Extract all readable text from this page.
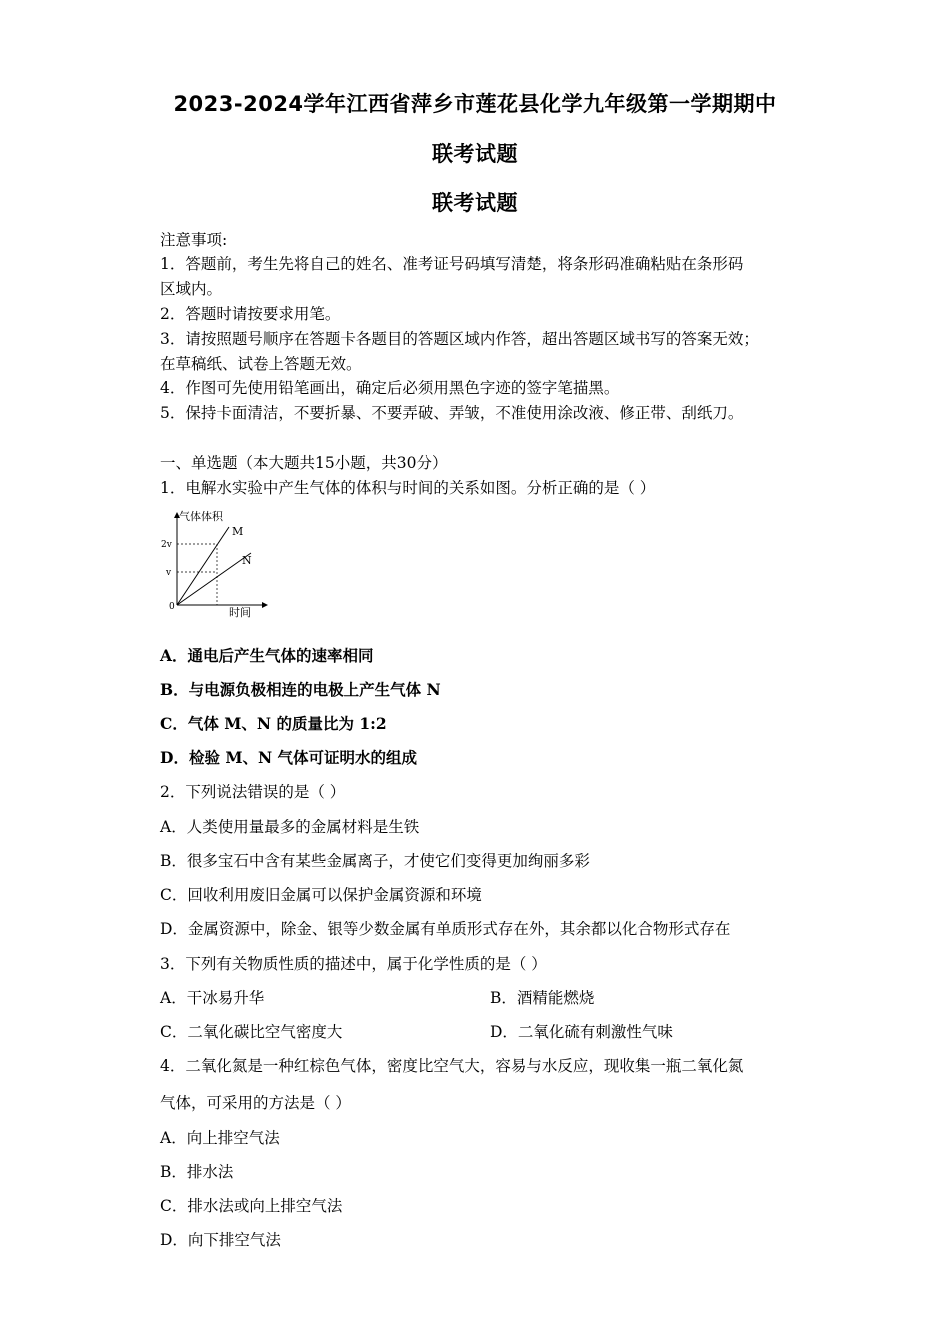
2023-2024学年江西省萍乡市莲花县化学九年级第一学期期中
联考试题
联考试题
注意事项:
1．答题前，考生先将自己的姓名、准考证号码填写清楚，将条形码准确粘贴在条形码
区域内。
2．答题时请按要求用笔。
3．请按照题号顺序在答题卡各题目的答题区域内作答，超出答题区域书写的答案无效；
在草稿纸、试卷上答题无效。
4．作图可先使用铅笔画出，确定后必须用黑色字迹的签字笔描黑。
5．保持卡面清洁，不要折暴、不要弄破、弄皱，不准使用涂改液、修正带、刮纸刀。
一、单选题（本大题共15小题，共30分）
1．电解水实验中产生气体的体积与时间的关系如图。分析正确的是（ ）
气体体积
时间
0
2v
v
M
N
A．通电后产生气体的速率相同
B．与电源负极相连的电极上产生气体 N
C．气体 M、N 的质量比为 1:2
D．检验 M、N 气体可证明水的组成
2．下列说法错误的是（ ）
A．人类使用量最多的金属材料是生铁
B．很多宝石中含有某些金属离子，才使它们变得更加绚丽多彩
C．回收利用废旧金属可以保护金属资源和环境
D．金属资源中，除金、银等少数金属有单质形式存在外，其余都以化合物形式存在
3．下列有关物质性质的描述中，属于化学性质的是（ ）
A．干冰易升华	B．酒精能燃烧
C．二氧化碳比空气密度大	D．二氧化硫有刺激性气味
4．二氧化氮是一种红棕色气体，密度比空气大，容易与水反应，现收集一瓶二氧化氮
气体，可采用的方法是（ ）
A．向上排空气法
B．排水法
C．排水法或向上排空气法
D．向下排空气法
